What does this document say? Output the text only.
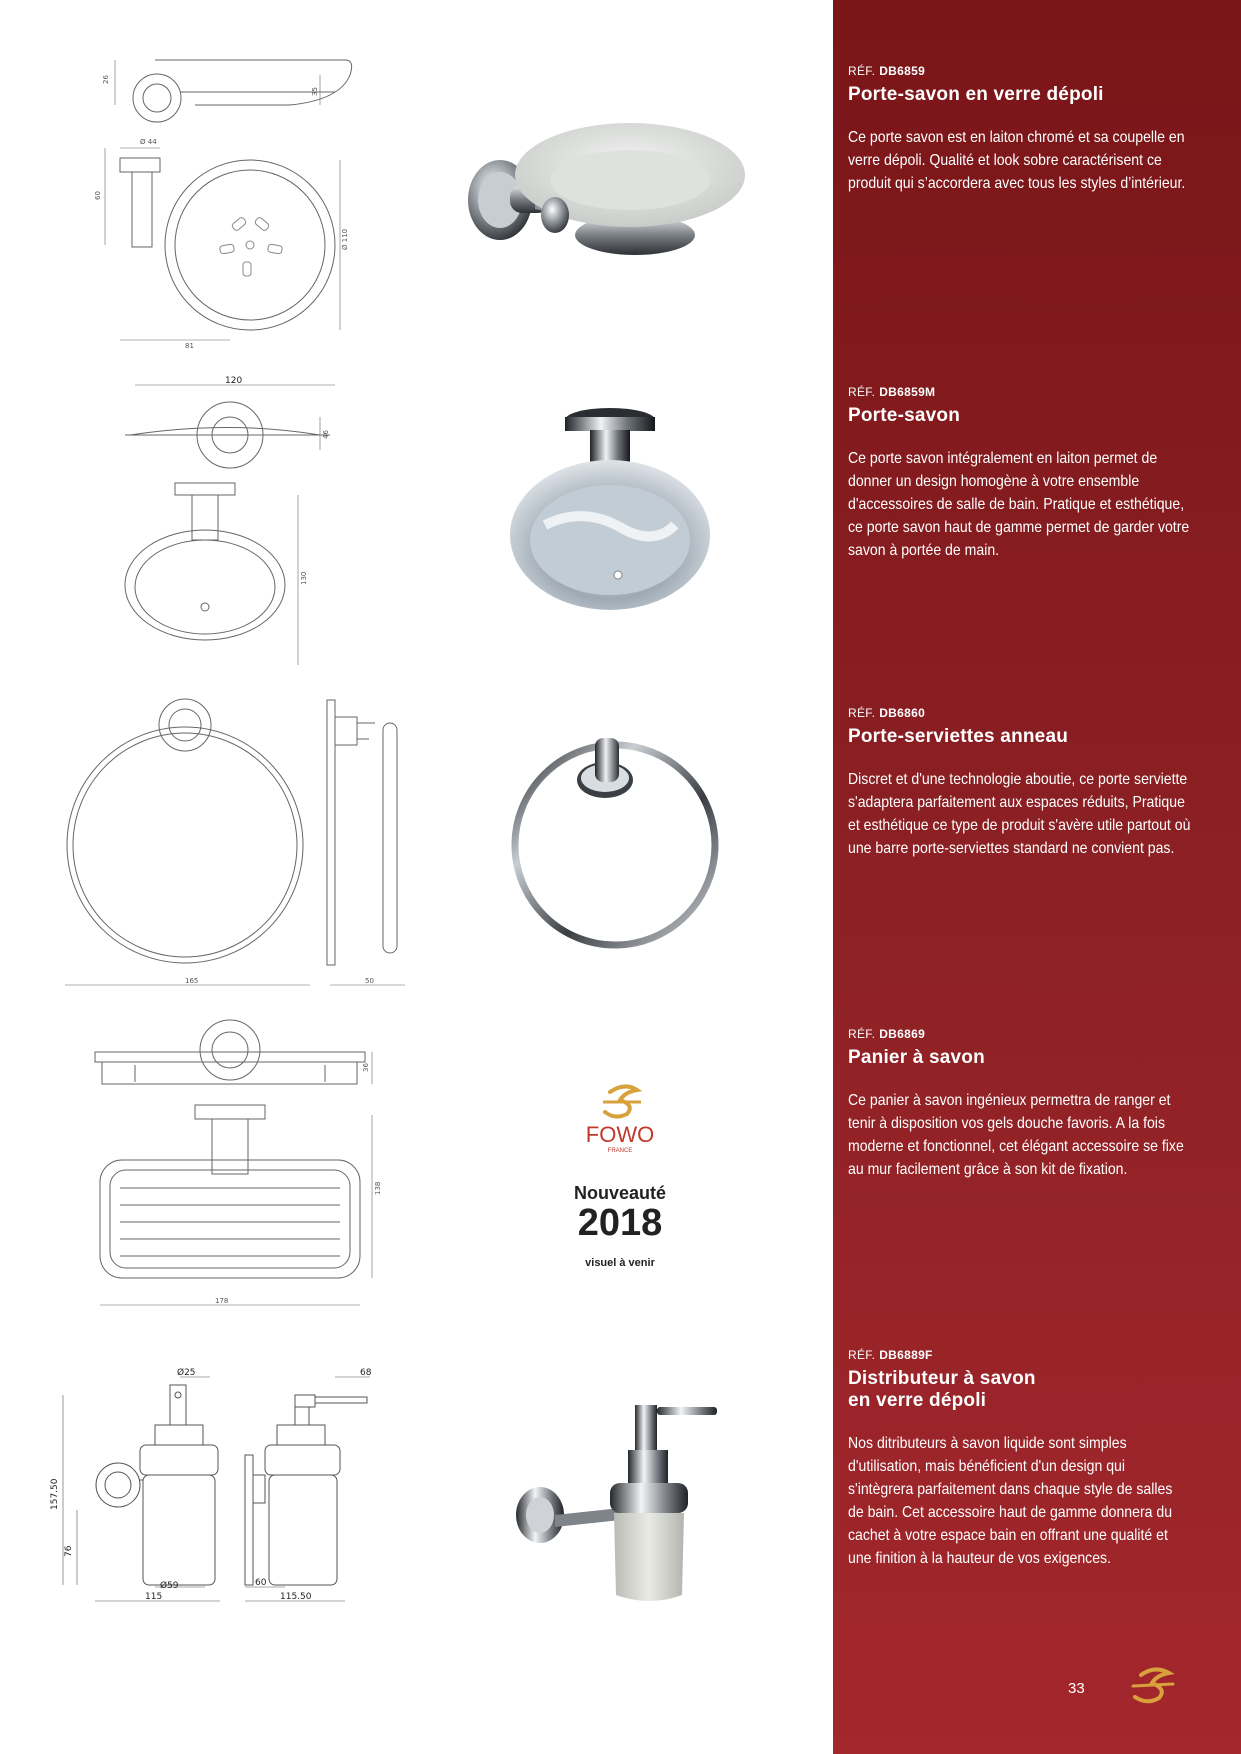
26
35
Ø 44
60
Ø 110
81
120
46
130
165	50
36
138
178
FOWO
FRANCE
Nouveauté
2018
visuel à venir
Ø25
157.50
76
Ø59
115
68
60
115.50

RÉF. DB6859

Porte-savon en verre dépoli

Ce porte savon est en laiton chromé et sa coupelle en verre dépoli. Qualité et look sobre caractérisent ce produit qui s’accordera avec tous les styles d’intérieur.

RÉF. DB6859M

Porte-savon

Ce porte savon intégralement en laiton permet de donner un design homogène à votre ensemble d'accessoires de salle de bain. Pratique et esthétique, ce porte savon haut de gamme permet de garder votre savon à portée de main.

RÉF. DB6860

Porte-serviettes anneau

Discret et d'une technologie aboutie, ce porte serviette s'adaptera parfaitement aux espaces réduits, Pratique et esthétique ce type de produit s'avère utile partout où une barre porte-serviettes standard ne convient pas.

RÉF. DB6869

Panier à savon

Ce panier à savon ingénieux permettra de ranger et tenir à disposition vos gels douche favoris. A la fois moderne et fonctionnel, cet élégant accessoire se fixe au mur facilement grâce à son kit de fixation.

RÉF. DB6889F

Distributeur à savon
en verre dépoli

Nos ditributeurs à savon liquide sont simples d'utilisation, mais bénéficient d'un design qui s'intègrera parfaitement dans chaque style de salles de bain. Cet accessoire haut de gamme donnera du cachet à votre espace bain en offrant une qualité et une finition à la hauteur de vos exigences.

33
